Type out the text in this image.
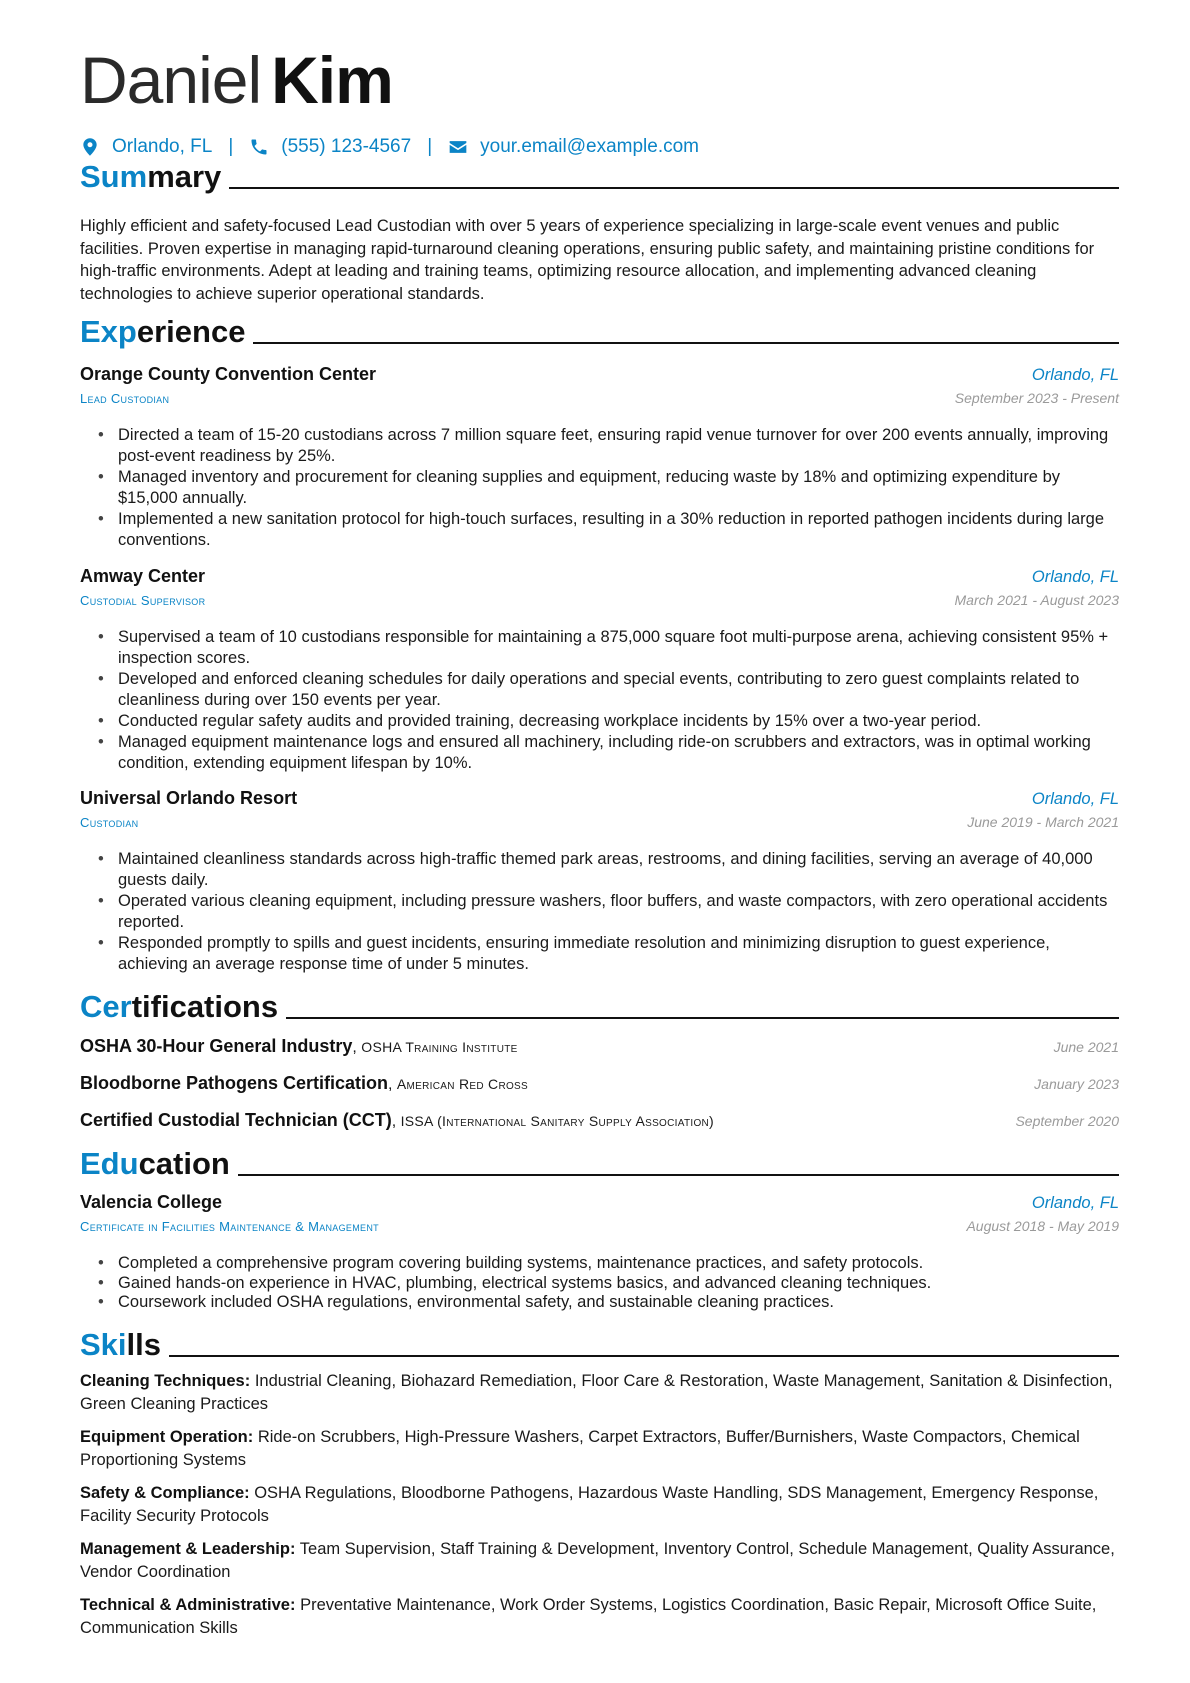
Daniel Kim
Orlando, FL |	(555) 123-4567 |	your.email@example.com
Summary
Highly efficient and safety-focused Lead Custodian with over 5 years of experience specializing in large-scale event venues and public facilities. Proven expertise in managing rapid-turnaround cleaning operations, ensuring public safety, and maintaining pristine conditions for high-traffic environments. Adept at leading and training teams, optimizing resource allocation, and implementing advanced cleaning technologies to achieve superior operational standards.
Experience
Orange County Convention Center	Orlando, FL
Lead Custodian	September 2023 - Present
• Directed a team of 15-20 custodians across 7 million square feet, ensuring rapid venue turnover for over 200 events annually, improving post-event readiness by 25%.
• Managed inventory and procurement for cleaning supplies and equipment, reducing waste by 18% and optimizing expenditure by $15,000 annually.
• Implemented a new sanitation protocol for high-touch surfaces, resulting in a 30% reduction in reported pathogen incidents during large conventions.
Amway Center	Orlando, FL
Custodial Supervisor	March 2021 - August 2023
• Supervised a team of 10 custodians responsible for maintaining a 875,000 square foot multi-purpose arena, achieving consistent 95% + inspection scores.
• Developed and enforced cleaning schedules for daily operations and special events, contributing to zero guest complaints related to cleanliness during over 150 events per year.
• Conducted regular safety audits and provided training, decreasing workplace incidents by 15% over a two-year period.
• Managed equipment maintenance logs and ensured all machinery, including ride-on scrubbers and extractors, was in optimal working condition, extending equipment lifespan by 10%.
Universal Orlando Resort	Orlando, FL
Custodian	June 2019 - March 2021
• Maintained cleanliness standards across high-traffic themed park areas, restrooms, and dining facilities, serving an average of 40,000 guests daily.
• Operated various cleaning equipment, including pressure washers, floor buffers, and waste compactors, with zero operational accidents reported.
• Responded promptly to spills and guest incidents, ensuring immediate resolution and minimizing disruption to guest experience, achieving an average response time of under 5 minutes.
Certifications
OSHA 30-Hour General Industry, OSHA Training Institute	June 2021
Bloodborne Pathogens Certification, American Red Cross	January 2023
Certified Custodial Technician (CCT), ISSA (International Sanitary Supply Association)	September 2020
Education
Valencia College	Orlando, FL
Certificate in Facilities Maintenance & Management	August 2018 - May 2019
• Completed a comprehensive program covering building systems, maintenance practices, and safety protocols.
• Gained hands-on experience in HVAC, plumbing, electrical systems basics, and advanced cleaning techniques.
• Coursework included OSHA regulations, environmental safety, and sustainable cleaning practices.
Skills
Cleaning Techniques: Industrial Cleaning, Biohazard Remediation, Floor Care & Restoration, Waste Management, Sanitation & Disinfection, Green Cleaning Practices
Equipment Operation: Ride-on Scrubbers, High-Pressure Washers, Carpet Extractors, Buffer/Burnishers, Waste Compactors, Chemical Proportioning Systems
Safety & Compliance: OSHA Regulations, Bloodborne Pathogens, Hazardous Waste Handling, SDS Management, Emergency Response, Facility Security Protocols
Management & Leadership: Team Supervision, Staff Training & Development, Inventory Control, Schedule Management, Quality Assurance, Vendor Coordination
Technical & Administrative: Preventative Maintenance, Work Order Systems, Logistics Coordination, Basic Repair, Microsoft Office Suite, Communication Skills
